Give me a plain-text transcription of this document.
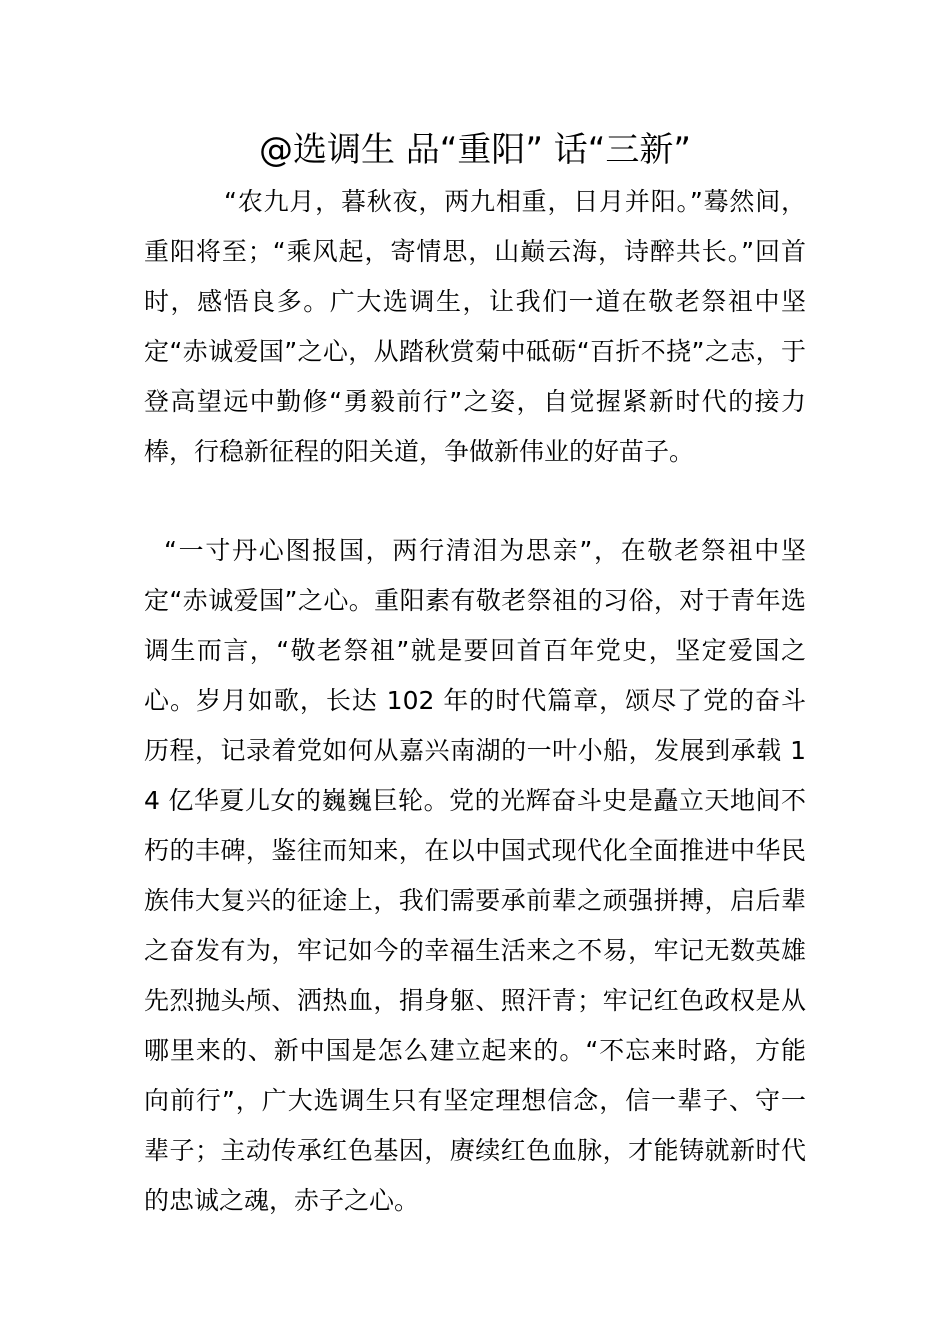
@选调生 品“重阳” 话“三新”

“农九月，暮秋夜，两九相重，日月并阳。”蓦然间，重阳将至；“乘风起，寄情思，山巅云海，诗醉共长。”回首时，感悟良多。广大选调生，让我们一道在敬老祭祖中坚定“赤诚爱国”之心，从踏秋赏菊中砥砺“百折不挠”之志，于登高望远中勤修“勇毅前行”之姿，自觉握紧新时代的接力棒，行稳新征程的阳关道，争做新伟业的好苗子。

“一寸丹心图报国，两行清泪为思亲”，在敬老祭祖中坚定“赤诚爱国”之心。重阳素有敬老祭祖的习俗，对于青年选调生而言，“敬老祭祖”就是要回首百年党史，坚定爱国之心。岁月如歌，长达 102 年的时代篇章，颂尽了党的奋斗历程，记录着党如何从嘉兴南湖的一叶小船，发展到承载 14 亿华夏儿女的巍巍巨轮。党的光辉奋斗史是矗立天地间不朽的丰碑，鉴往而知来，在以中国式现代化全面推进中华民族伟大复兴的征途上，我们需要承前辈之顽强拼搏，启后辈之奋发有为，牢记如今的幸福生活来之不易，牢记无数英雄先烈抛头颅、洒热血，捐身躯、照汗青；牢记红色政权是从哪里来的、新中国是怎么建立起来的。“不忘来时路，方能向前行”，广大选调生只有坚定理想信念，信一辈子、守一辈子；主动传承红色基因，赓续红色血脉，才能铸就新时代的忠诚之魂，赤子之心。
